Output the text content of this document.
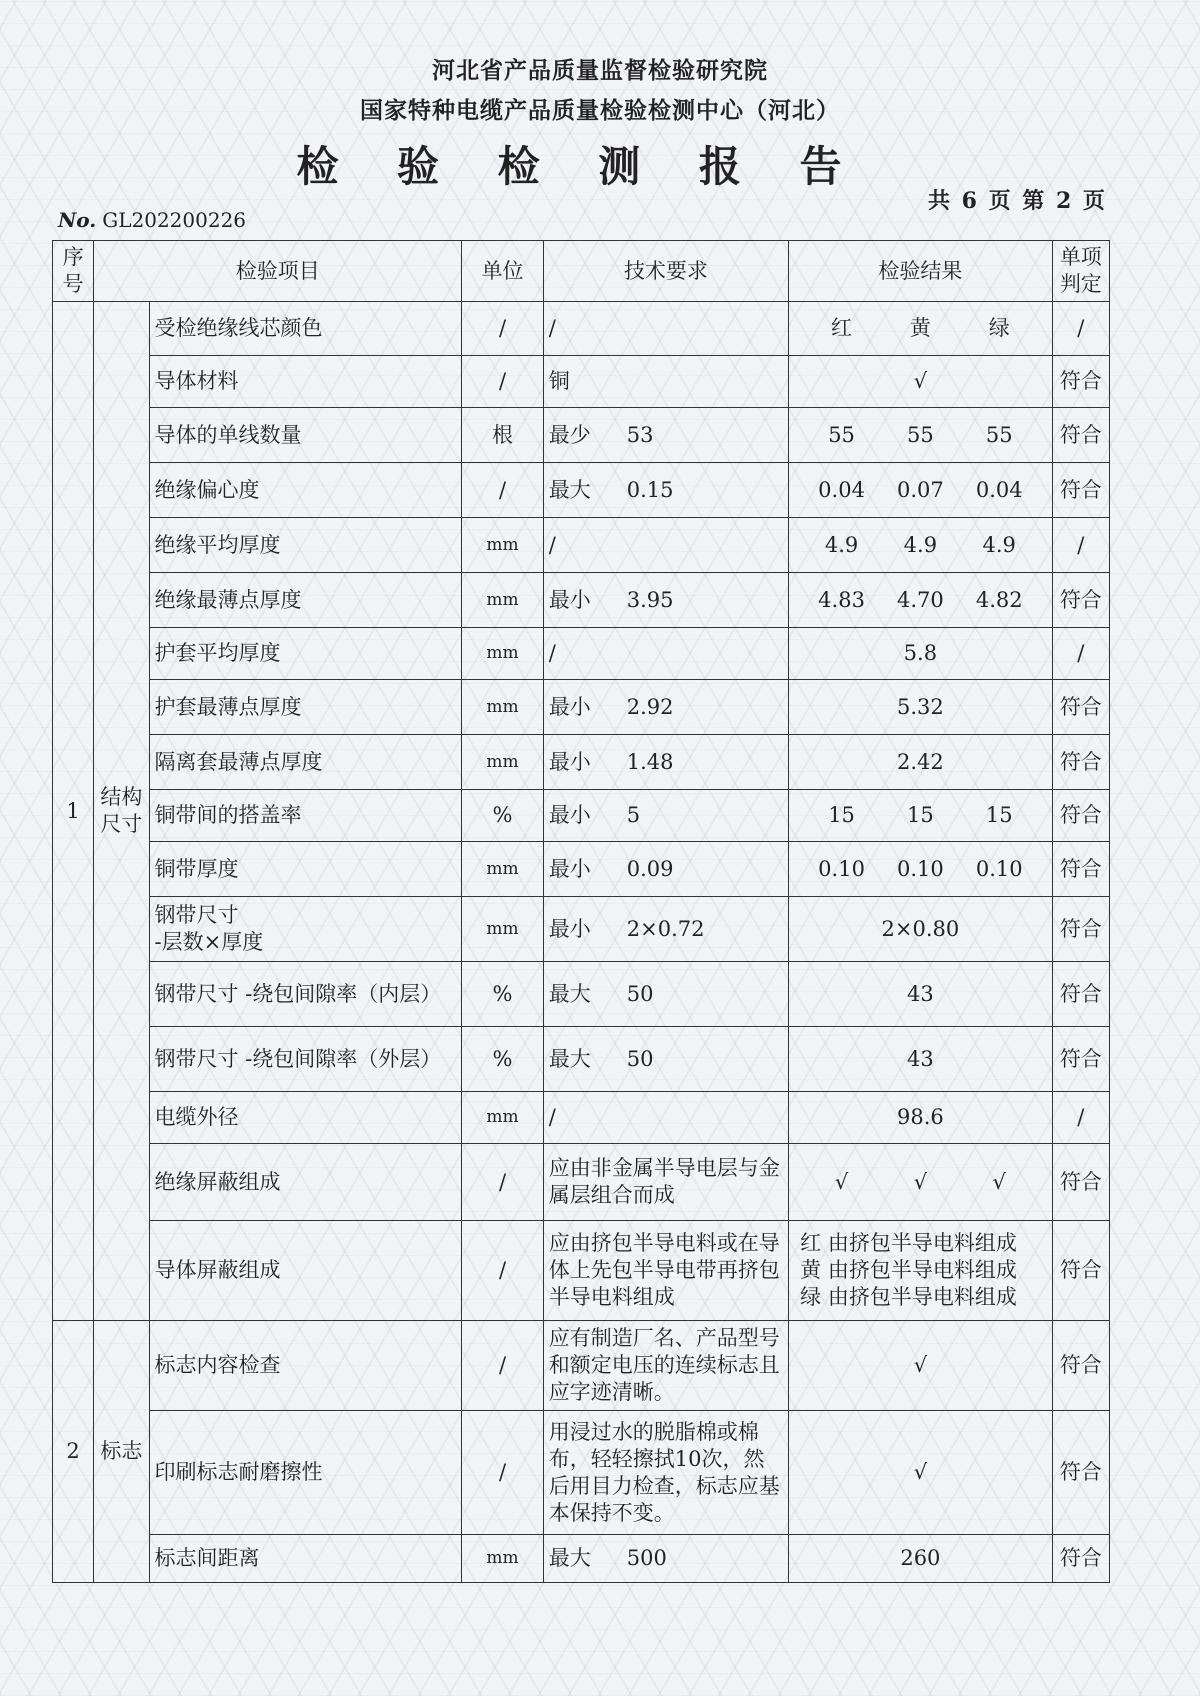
河北省产品质量监督检验研究院
国家特种电缆产品质量检验检测中心（河北）
检 验 检 测 报 告
共 6 页 第 2 页
No. GL202200226
序号	检验项目		单位	技术要求	检验结果	单项判定
1	结构尺寸	受检绝缘线芯颜色	/	/	红 黄 绿	/
		导体材料	/	铜	√	符合
		导体的单线数量	根	最少 53	55 55 55	符合
		绝缘偏心度	/	最大 0.15	0.04 0.07 0.04	符合
		绝缘平均厚度	mm	/	4.9 4.9 4.9	/
		绝缘最薄点厚度	mm	最小 3.95	4.83 4.70 4.82	符合
		护套平均厚度	mm	/	5.8	/
		护套最薄点厚度	mm	最小 2.92	5.32	符合
		隔离套最薄点厚度	mm	最小 1.48	2.42	符合
		铜带间的搭盖率	%	最小 5	15 15 15	符合
		铜带厚度	mm	最小 0.09	0.10 0.10 0.10	符合
		钢带尺寸
-层数×厚度	mm	最小 2×0.72	2×0.80	符合
		钢带尺寸 -绕包间隙率（内层）	%	最大 50	43	符合
		钢带尺寸 -绕包间隙率（外层）	%	最大 50	43	符合
		电缆外径	mm	/	98.6	/
		绝缘屏蔽组成	/	应由非金属半导电层与金属层组合而成	√ √ √	符合
		导体屏蔽组成	/	应由挤包半导电料或在导体上先包半导电带再挤包半导电料组成	红 由挤包半导电料组成
黄 由挤包半导电料组成
绿 由挤包半导电料组成	符合
2	标志	标志内容检查	/	应有制造厂名、产品型号和额定电压的连续标志且应字迹清晰。	√	符合
		印刷标志耐磨擦性	/	用浸过水的脱脂棉或棉布，轻轻擦拭10次，然后用目力检查，标志应基本保持不变。	√	符合
		标志间距离	mm	最大 500	260	符合
